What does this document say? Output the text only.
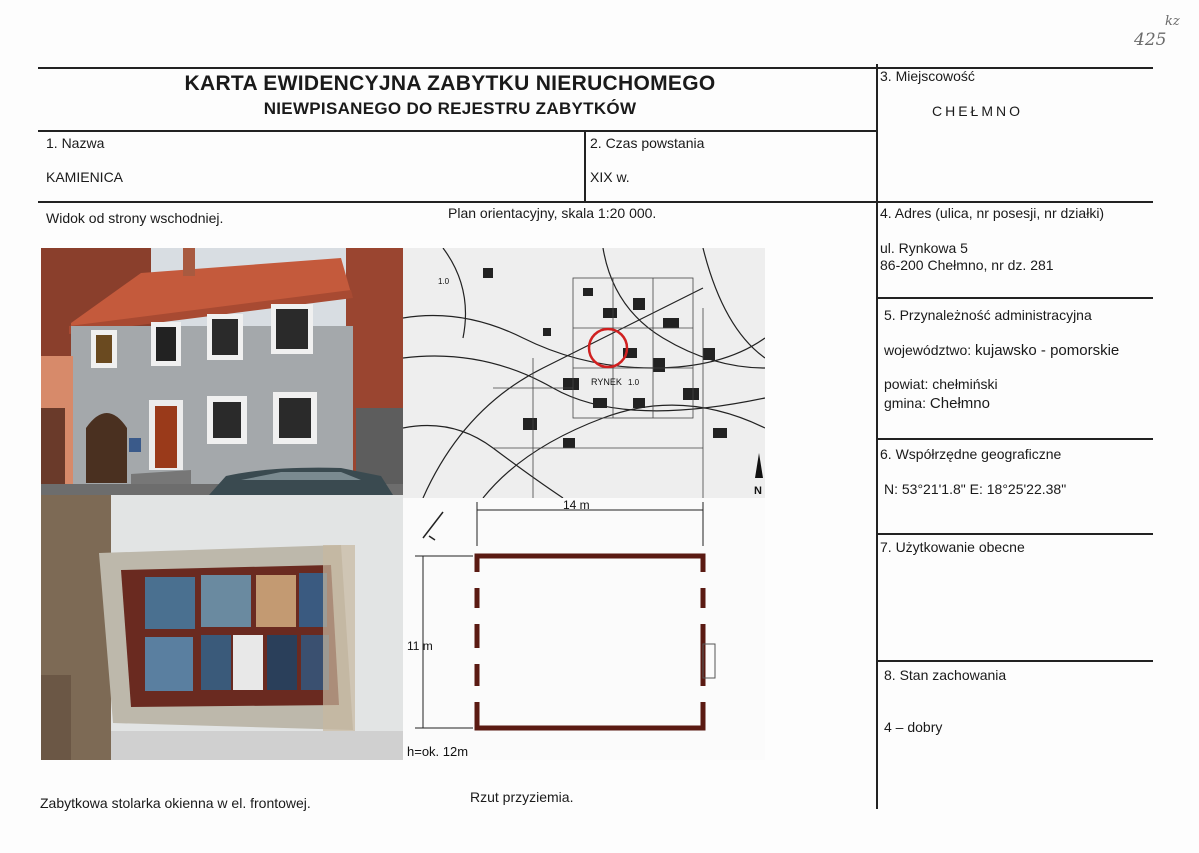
425
kz
KARTA EWIDENCYJNA ZABYTKU NIERUCHOMEGO
NIEWPISANEGO DO REJESTRU ZABYTKÓW
1. Nazwa
KAMIENICA
2. Czas powstania
XIX w.
3. Miejscowość
CHEŁMNO
4. Adres (ulica, nr posesji, nr działki)
ul. Rynkowa 5
86-200 Chełmno, nr dz. 281
5. Przynależność administracyjna
województwo: kujawsko - pomorskie
powiat: chełmiński
gmina: Chełmno
6. Współrzędne geograficzne
N: 53°21'1.8" E: 18°25'22.38"
7. Użytkowanie obecne
8. Stan zachowania
4 – dobry
Widok od strony wschodniej.	Plan orientacyjny, skala 1:20 000.
Zabytkowa stolarka okienna w el. frontowej.	Rzut przyziemia.
RYNEK 1.0
1.0
N
14 m
11 m
h=ok. 12m
